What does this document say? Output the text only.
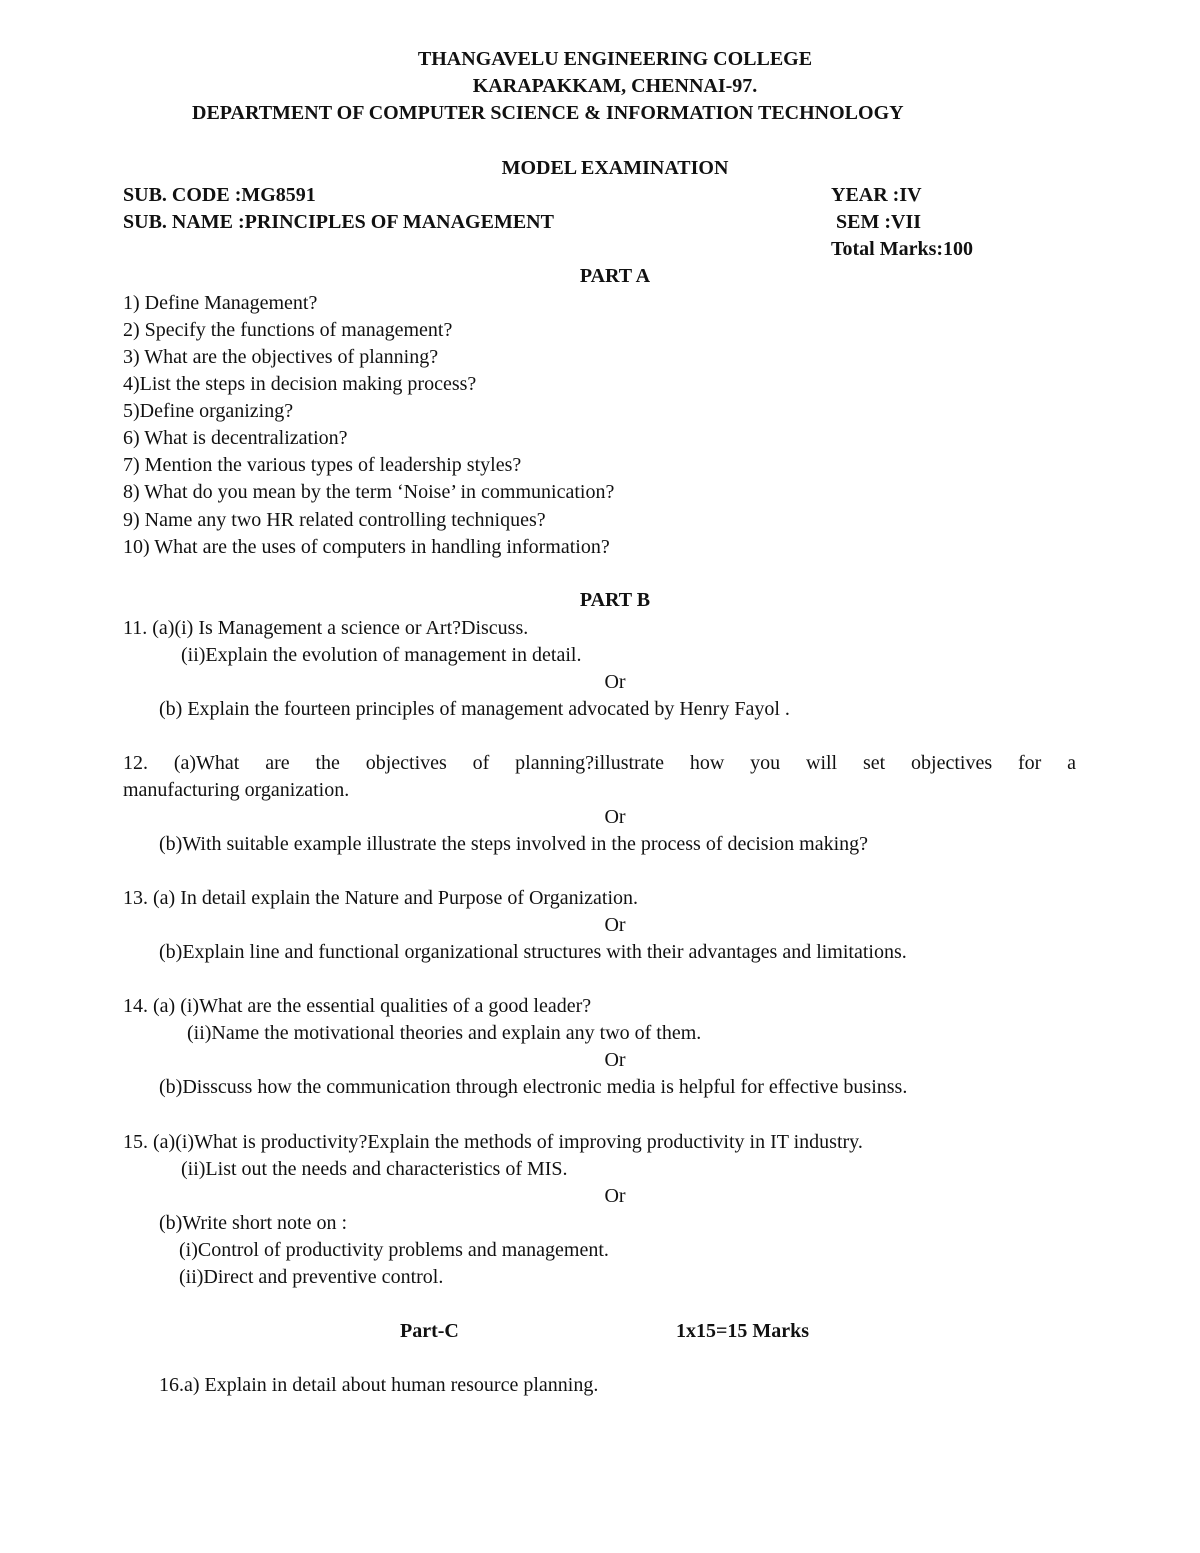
THANGAVELU ENGINEERING COLLEGE
KARAPAKKAM, CHENNAI-97.
DEPARTMENT OF COMPUTER SCIENCE & INFORMATION TECHNOLOGY
MODEL EXAMINATION
SUB. CODE :MG8591	YEAR :IV
SUB. NAME :PRINCIPLES OF MANAGEMENT	SEM :VII
Total Marks:100
PART A
1) Define Management?
2) Specify the functions of management?
3) What are the objectives of planning?
4)List the steps in decision making process?
5)Define organizing?
6) What is decentralization?
7) Mention the various types of leadership styles?
8) What do you mean by the term ‘Noise’ in communication?
9) Name any two HR related controlling techniques?
10) What are the uses of computers in handling information?
PART B
11. (a)(i) Is Management a science or Art?Discuss.
(ii)Explain the evolution of management in detail.
Or
(b) Explain the fourteen principles of management advocated by Henry Fayol .
12. (a)What are the objectives of planning?illustrate how you will set objectives for a
manufacturing organization.
Or
(b)With suitable example illustrate the steps involved in the process of decision making?
13. (a) In detail explain the Nature and Purpose of Organization.
Or
(b)Explain line and functional organizational structures with their advantages and limitations.
14. (a) (i)What are the essential qualities of a good leader?
(ii)Name the motivational theories and explain any two of them.
Or
(b)Disscuss how the communication through electronic media is helpful for effective businss.
15. (a)(i)What is productivity?Explain the methods of improving productivity in IT industry.
(ii)List out the needs and characteristics of MIS.
Or
(b)Write short note on :
(i)Control of productivity problems and management.
(ii)Direct and preventive control.
Part-C	1x15=15 Marks
16.a) Explain in detail about human resource planning.
